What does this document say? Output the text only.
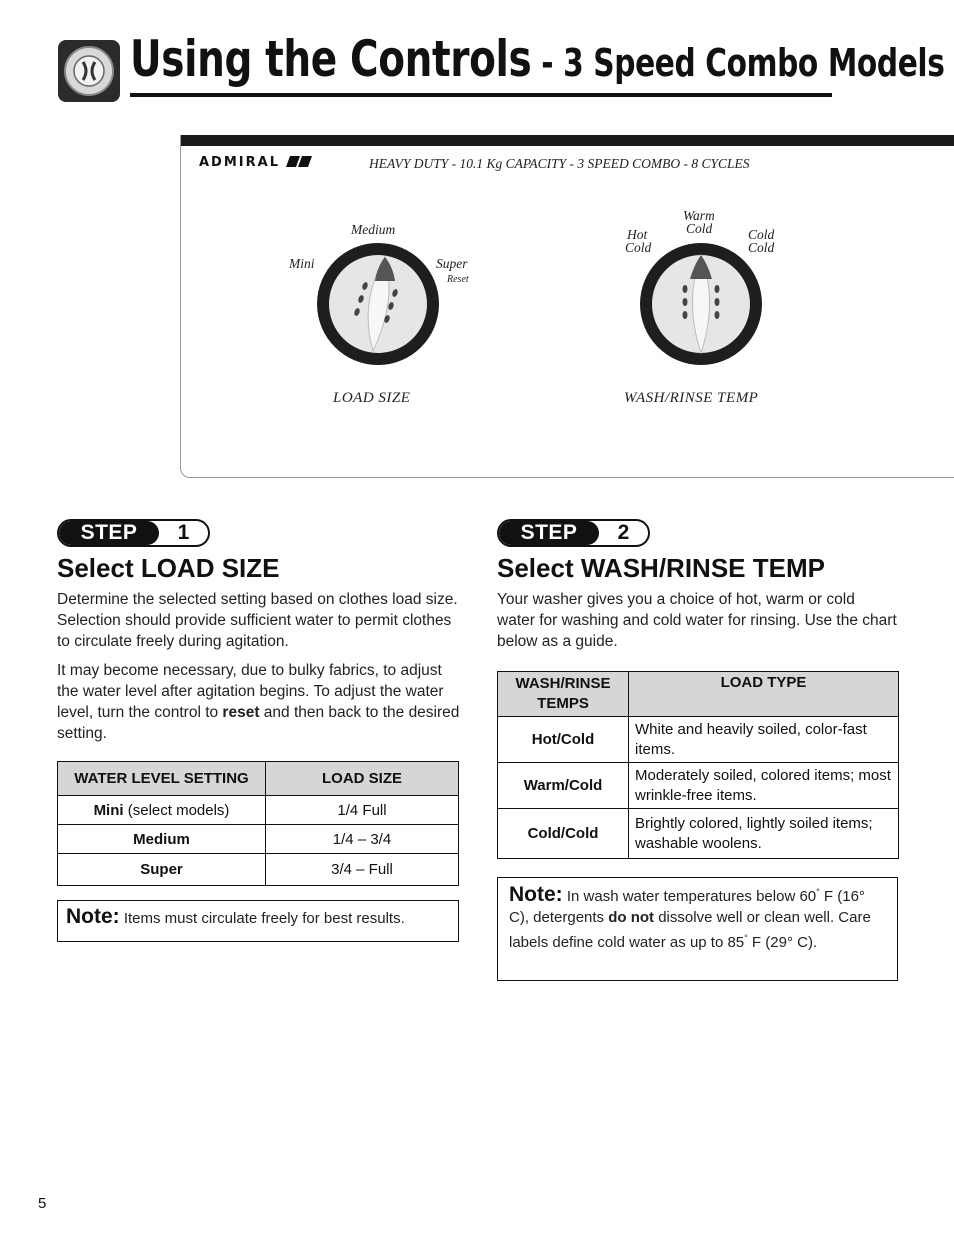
Using the Controls - 3 Speed Combo Models
ADMIRAL	HEAVY DUTY - 10.1 Kg CAPACITY - 3 SPEED COMBO - 8 CYCLES
Medium
Mini	Super
Reset
LOAD SIZE
Warm
Cold
Hot
Cold
Cold
Cold
WASH/RINSE TEMP
STEP	1
Select LOAD SIZE

Determine the selected setting based on clothes load size. Selection should provide sufficient water to permit clothes to circulate freely during agitation.

It may become necessary, due to bulky fabrics, to adjust the water level after agitation begins. To adjust the water level, turn the control to reset and then back to the desired setting.

WATER LEVEL SETTING	LOAD SIZE
Mini (select models)	1/4 Full
Medium	1/4 – 3/4
Super	3/4 – Full
Note: Items must circulate freely for best results.
STEP	2
Select WASH/RINSE TEMP

Your washer gives you a choice of hot, warm or cold water for washing and cold water for rinsing. Use the chart below as a guide.

WASH/RINSE TEMPS	LOAD TYPE
Hot/Cold	White and heavily soiled, color-fast items.
Warm/Cold	Moderately soiled, colored items; most wrinkle-free items.
Cold/Cold	Brightly colored, lightly soiled items; washable woolens.
Note: In wash water temperatures below 60° F (16° C), detergents do not dissolve well or clean well. Care labels define cold water as up to 85° F (29° C).
5
